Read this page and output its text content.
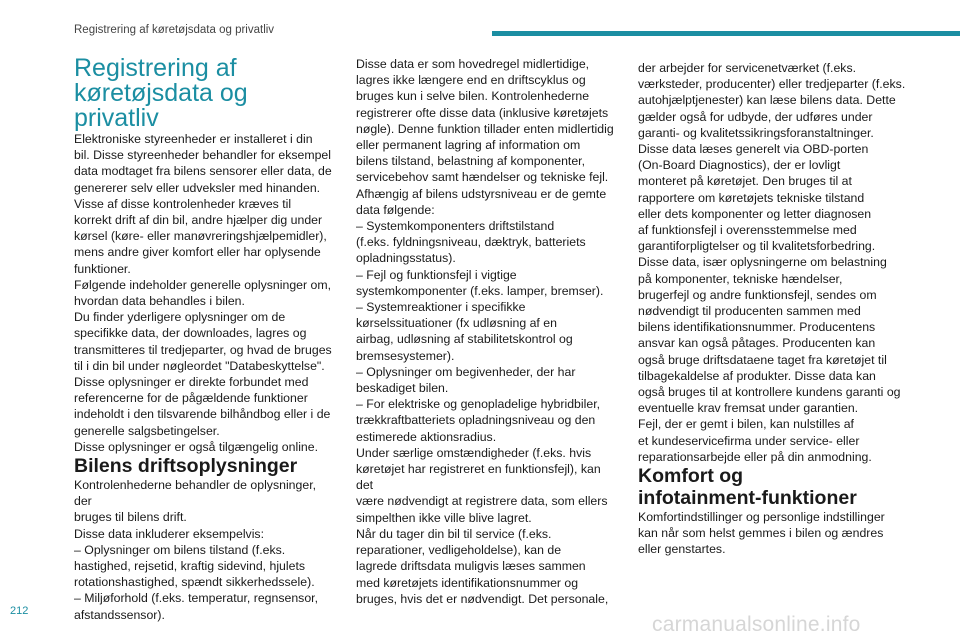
Registrering af køretøjsdata og privatliv

Registrering af
køretøjsdata og privatliv

Elektroniske styreenheder er installeret i din
bil. Disse styreenheder behandler for eksempel
data modtaget fra bilens sensorer eller data, de
genererer selv eller udveksler med hinanden.
Visse af disse kontrolenheder kræves til
korrekt drift af din bil, andre hjælper dig under
kørsel (køre- eller manøvreringshjælpemidler),
mens andre giver komfort eller har oplysende
funktioner.
Følgende indeholder generelle oplysninger om,
hvordan data behandles i bilen.
Du finder yderligere oplysninger om de
specifikke data, der downloades, lagres og
transmitteres til tredjeparter, og hvad de bruges
til i din bil under nøgleordet "Databeskyttelse".
Disse oplysninger er direkte forbundet med
referencerne for de pågældende funktioner
indeholdt i den tilsvarende bilhåndbog eller i de
generelle salgsbetingelser.
Disse oplysninger er også tilgængelig online.

Bilens driftsoplysninger

Kontrolenhederne behandler de oplysninger, der
bruges til bilens drift.
Disse data inkluderer eksempelvis:
– Oplysninger om bilens tilstand (f.eks.
hastighed, rejsetid, kraftig sidevind, hjulets
rotationshastighed, spændt sikkerhedssele).
– Miljøforhold (f.eks. temperatur, regnsensor,
afstandssensor).

Disse data er som hovedregel midlertidige,
lagres ikke længere end en driftscyklus og
bruges kun i selve bilen. Kontrolenhederne
registrerer ofte disse data (inklusive køretøjets
nøgle). Denne funktion tillader enten midlertidig
eller permanent lagring af information om
bilens tilstand, belastning af komponenter,
servicebehov samt hændelser og tekniske fejl.
Afhængig af bilens udstyrsniveau er de gemte
data følgende:
– Systemkomponenters driftstilstand
(f.eks. fyldningsniveau, dæktryk, batteriets
opladningsstatus).
– Fejl og funktionsfejl i vigtige
systemkomponenter (f.eks. lamper, bremser).
– Systemreaktioner i specifikke
kørselssituationer (fx udløsning af en
airbag, udløsning af stabilitetskontrol og
bremsesystemer).
– Oplysninger om begivenheder, der har
beskadiget bilen.
– For elektriske og genopladelige hybridbiler,
trækkraftbatteriets opladningsniveau og den
estimerede aktionsradius.
Under særlige omstændigheder (f.eks. hvis
køretøjet har registreret en funktionsfejl), kan det
være nødvendigt at registrere data, som ellers
simpelthen ikke ville blive lagret.
Når du tager din bil til service (f.eks.
reparationer, vedligeholdelse), kan de
lagrede driftsdata muligvis læses sammen
med køretøjets identifikationsnummer og
bruges, hvis det er nødvendigt. Det personale,

der arbejder for servicenetværket (f.eks.
værksteder, producenter) eller tredjeparter (f.eks.
autohjælptjenester) kan læse bilens data. Dette
gælder også for udbyde, der udføres under
garanti- og kvalitetssikringsforanstaltninger.
Disse data læses generelt via OBD-porten
(On-Board Diagnostics), der er lovligt
monteret på køretøjet. Den bruges til at
rapportere om køretøjets tekniske tilstand
eller dets komponenter og letter diagnosen
af funktionsfejl i overensstemmelse med
garantiforpligtelser og til kvalitetsforbedring.
Disse data, især oplysningerne om belastning
på komponenter, tekniske hændelser,
brugerfejl og andre funktionsfejl, sendes om
nødvendigt til producenten sammen med
bilens identifikationsnummer. Producentens
ansvar kan også påtages. Producenten kan
også bruge driftsdataene taget fra køretøjet til
tilbagekaldelse af produkter. Disse data kan
også bruges til at kontrollere kundens garanti og
eventuelle krav fremsat under garantien.
Fejl, der er gemt i bilen, kan nulstilles af
et kundeservicefirma under service- eller
reparationsarbejde eller på din anmodning.

Komfort og
infotainment-funktioner

Komfortindstillinger og personlige indstillinger
kan når som helst gemmes i bilen og ændres
eller genstartes.

212
carmanualsonline.info
